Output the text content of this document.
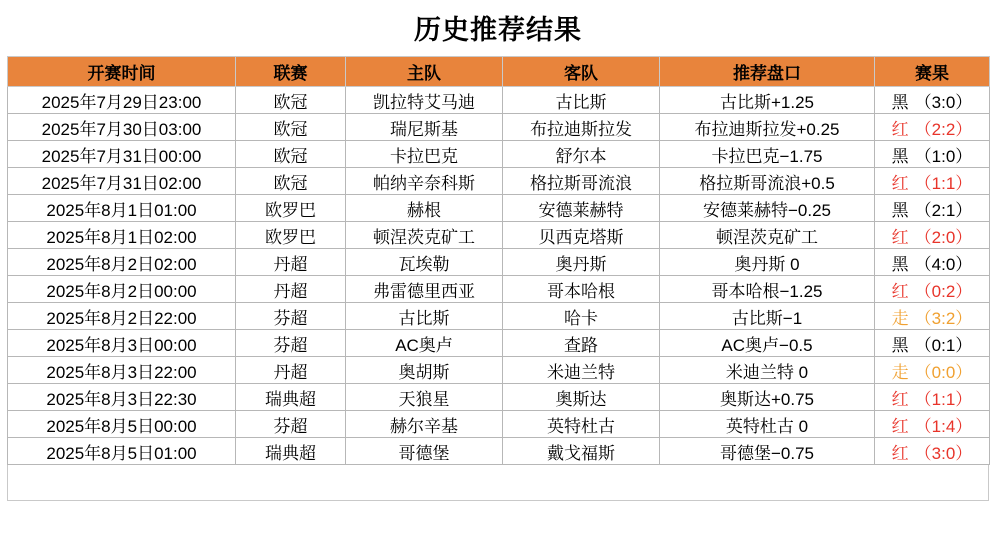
历史推荐结果
开赛时间	联赛	主队	客队	推荐盘口	赛果
2025年7月29日23:00	欧冠	凯拉特艾马迪	古比斯	古比斯+1.25	黑 （3:0）

2025年7月30日03:00	欧冠	瑞尼斯基	布拉迪斯拉发	布拉迪斯拉发+0.25	红 （2:2）

2025年7月31日00:00	欧冠	卡拉巴克	舒尔本	卡拉巴克−1.75	黑 （1:0）

2025年7月31日02:00	欧冠	帕纳辛奈科斯	格拉斯哥流浪	格拉斯哥流浪+0.5	红 （1:1）

2025年8月1日01:00	欧罗巴	赫根	安德莱赫特	安德莱赫特−0.25	黑 （2:1）

2025年8月1日02:00	欧罗巴	顿涅茨克矿工	贝西克塔斯	顿涅茨克矿工	红 （2:0）

2025年8月2日02:00	丹超	瓦埃勒	奥丹斯	奥丹斯 0	黑 （4:0）

2025年8月2日00:00	丹超	弗雷德里西亚	哥本哈根	哥本哈根−1.25	红 （0:2）

2025年8月2日22:00	芬超	古比斯	哈卡	古比斯−1	走 （3:2）

2025年8月3日00:00	芬超	AC奥卢	查路	AC奥卢−0.5	黑 （0:1）

2025年8月3日22:00	丹超	奥胡斯	米迪兰特	米迪兰特 0	走 （0:0）

2025年8月3日22:30	瑞典超	天狼星	奥斯达	奥斯达+0.75	红 （1:1）

2025年8月5日00:00	芬超	赫尔辛基	英特杜古	英特杜古 0	红 （1:4）

2025年8月5日01:00	瑞典超	哥德堡	戴戈福斯	哥德堡−0.75	红 （3:0）
